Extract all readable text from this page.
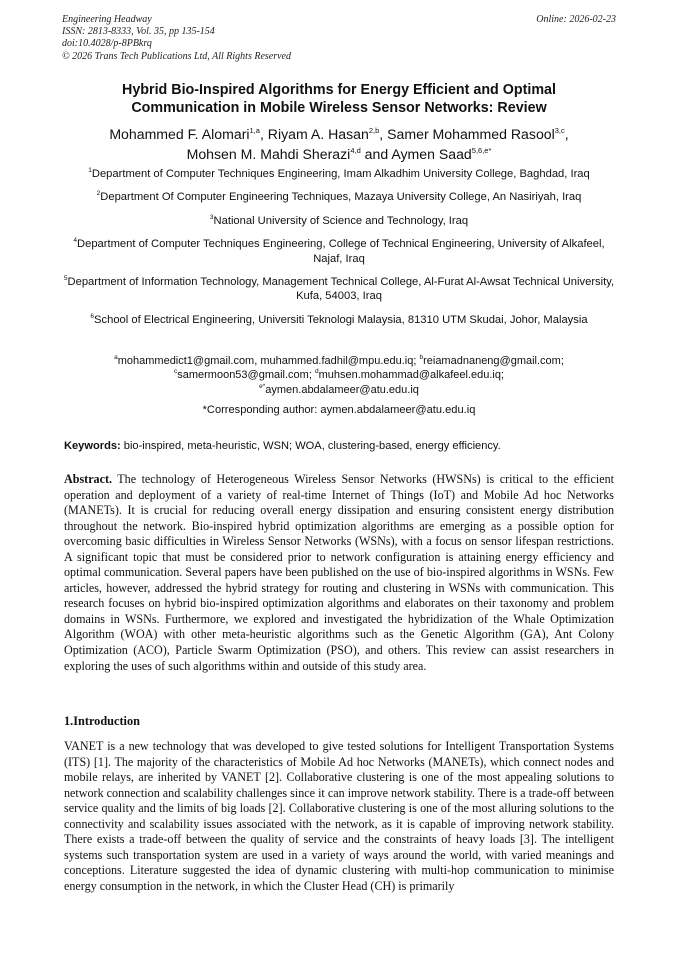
Engineering Headway	Online: 2026-02-23
ISSN: 2813-8333, Vol. 35, pp 135-154
doi:10.4028/p-8PBkrq
© 2026 Trans Tech Publications Ltd, All Rights Reserved
Hybrid Bio-Inspired Algorithms for Energy Efficient and Optimal
Communication in Mobile Wireless Sensor Networks: Review
Mohammed F. Alomari$^{1,a}$, Riyam A. Hasan$^{2,b}$, Samer Mohammed Rasool$^{3,c}$,
Mohsen M. Mahdi Sherazi$^{4,d}$ and Aymen Saad$^{5,6,e*}$
$^1$Department of Computer Techniques Engineering, Imam Alkadhim University College, Baghdad, Iraq
$^2$Department Of Computer Engineering Techniques, Mazaya University College, An Nasiriyah, Iraq
$^3$National University of Science and Technology, Iraq
$^4$Department of Computer Techniques Engineering, College of Technical Engineering, University of Alkafeel, Najaf, Iraq
$^5$Department of Information Technology, Management Technical College, Al-Furat Al-Awsat Technical University, Kufa, 54003, Iraq
$^6$School of Electrical Engineering, Universiti Teknologi Malaysia, 81310 UTM Skudai, Johor, Malaysia
$^a$mohammedict1@gmail.com, muhammed.fadhil@mpu.edu.iq; $^b$reiamadnaneng@gmail.com;
$^c$samermoon53@gmail.com; $^d$muhsen.mohammad@alkafeel.edu.iq;
$^{e*}$aymen.abdalameer@atu.edu.iq
*Corresponding author: aymen.abdalameer@atu.edu.iq
Keywords: bio-inspired, meta-heuristic, WSN; WOA, clustering-based, energy efficiency.
Abstract. The technology of Heterogeneous Wireless Sensor Networks (HWSNs) is critical to the efficient operation and deployment of a variety of real-time Internet of Things (IoT) and Mobile Ad hoc Networks (MANETs). It is crucial for reducing overall energy dissipation and ensuring consistent energy distribution throughout the network. Bio-inspired hybrid optimization algorithms are emerging as a possible option for overcoming basic difficulties in Wireless Sensor Networks (WSNs), with a focus on sensor lifespan restrictions. A significant topic that must be considered prior to network configuration is attaining energy efficiency and optimal communication. Several papers have been published on the use of bio-inspired algorithms in WSNs. Few articles, however, addressed the hybrid strategy for routing and clustering in WSNs with communication. This research focuses on hybrid bio-inspired optimization algorithms and elaborates on their taxonomy and problem domains in WSNs. Furthermore, we explored and investigated the hybridization of the Whale Optimization Algorithm (WOA) with other meta-heuristic algorithms such as the Genetic Algorithm (GA), Ant Colony Optimization (ACO), Particle Swarm Optimization (PSO), and others. This review can assist researchers in exploring the uses of such algorithms within and outside of this study area.
1.Introduction
VANET is a new technology that was developed to give tested solutions for Intelligent Transportation Systems (ITS) [1]. The majority of the characteristics of Mobile Ad hoc Networks (MANETs), which connect nodes and mobile relays, are inherited by VANET [2]. Collaborative clustering is one of the most appealing solutions to network connection and scalability challenges since it can improve network stability. There is a trade-off between service quality and the limits of big loads [2]. Collaborative clustering is one of the most alluring solutions to the connectivity and scalability issues associated with the network, as it is capable of improving network stability. There exists a trade-off between the quality of service and the constraints of heavy loads [3]. The intelligent systems such transportation system are used in a variety of ways around the world, with varied meanings and conceptions. Literature suggested the idea of dynamic clustering with multi-hop communication to minimise energy consumption in the network, in which the Cluster Head (CH) is primarily
